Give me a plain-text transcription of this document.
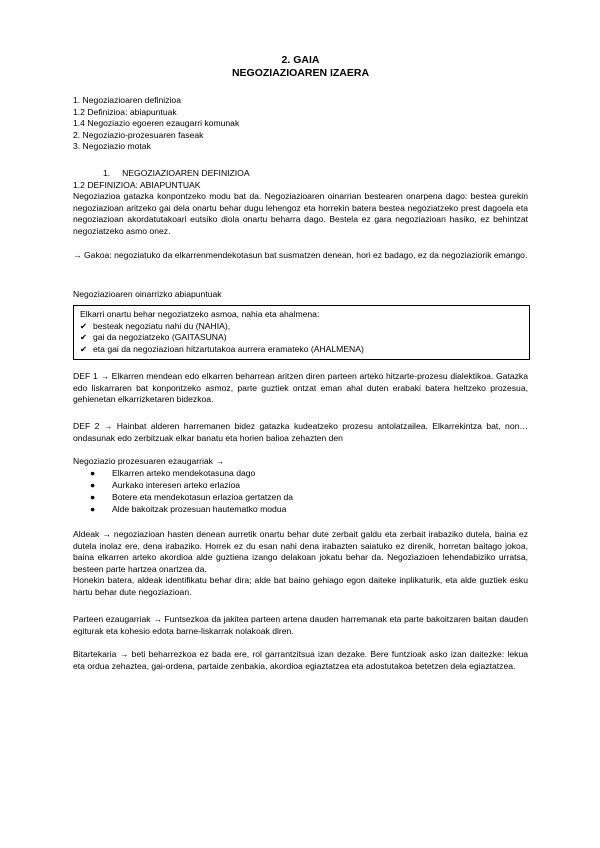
2. GAIA
NEGOZIAZIOAREN IZAERA
1. Negoziazioaren definizioa
1.2 Definizioa: abiapuntuak
1.4 Negoziazio egoeren ezaugarri komunak
2. Negoziazio-prozesuaren faseak
3. Negoziazio motak
1.     NEGOZIAZIOAREN DEFINIZIOA
1.2 DEFINIZIOA: ABIAPUNTUAK
Negoziazioa gatazka konpontzeko modu bat da. Negoziazioaren oinarrian bestearen onarpena dago: bestea gurekin negoziazioan aritzeko gai dela onartu behar dugu lehengoz eta horrekin batera bestea negoziatzeko prest dagoela eta negoziazioan akordatutakoari eutsiko diola onartu beharra dago. Bestela ez gara negoziazioan hasiko, ez behintzat negoziatzeko asmo onez.
→ Gakoa: negoziatuko da elkarrenmendekotasun bat susmatzen denean, hori ez badago, ez da negoziaziorik emango.
Negoziazioaren oinarrizko abiapuntuak
Elkarri onartu behar negoziatzeko asmoa, nahia eta ahalmena:
✔ besteak negoziatu nahi du (NAHIA),
✔ gai da negoziatzeko (GAITASUNA)
✔ eta gai da negoziazioan hitzartutakoa aurrera eramateko (AHALMENA)
DEF 1 → Elkarren mendean edo elkarren beharrean aritzen diren parteen arteko hitzarte-prozesu dialektikoa. Gatazka edo liskarraren bat konpontzeko asmoz, parte guztiek ontzat eman ahal duten erabaki batera heltzeko prozesua, gehienetan elkarrizketaren bidezkoa.
DEF 2 → Hainbat alderen harremanen bidez gatazka kudeatzeko prozesu antolatzailea. Elkarrekintza bat, non… ondasunak edo zerbitzuak elkar banatu eta horien balioa zehazten den
Negoziazio prozesuaren ezaugarriak →
●	Elkarren arteko mendekotasuna dago
●	Aurkako interesen arteko erlazioa
●	Botere eta mendekotasun erlazioa gertatzen da
●	Alde bakoitzak prozesuan hautematko modua
Aldeak → negoziazioan hasten denean aurretik onartu behar dute zerbait galdu eta zerbait irabaziko dutela, baina ez dutela inolaz ere, dena irabaziko. Horrek ez du esan nahi dena irabazten saiatuko ez direnik, horretan baitago jokoa, baina elkarren arteko akordioa alde guztiena izango delakoan jokatu behar da. Negoziazioen lehendabiziko urratsa, besteen parte hartzea onartzea da.
Honekin batera, aldeak identifikatu behar dira; alde bat baino gehiago egon daiteke inplikaturik, eta alde guztiek esku hartu behar dute negoziazioan.
Parteen ezaugarriak → Funtsezkoa da jakitea parteen artena dauden harremanak eta parte bakoitzaren baitan dauden egiturak eta kohesio edota barne-liskarrak nolakoak diren.
Bitartekaria → beti beharrezkoa ez bada ere, rol garrantzitsua izan dezake. Bere funtzioak asko izan daitezke: lekua eta ordua zehaztea, gai-ordena, partaide zenbakia, akordioa egiaztatzea eta adostutakoa betetzen dela egiaztatzea.
